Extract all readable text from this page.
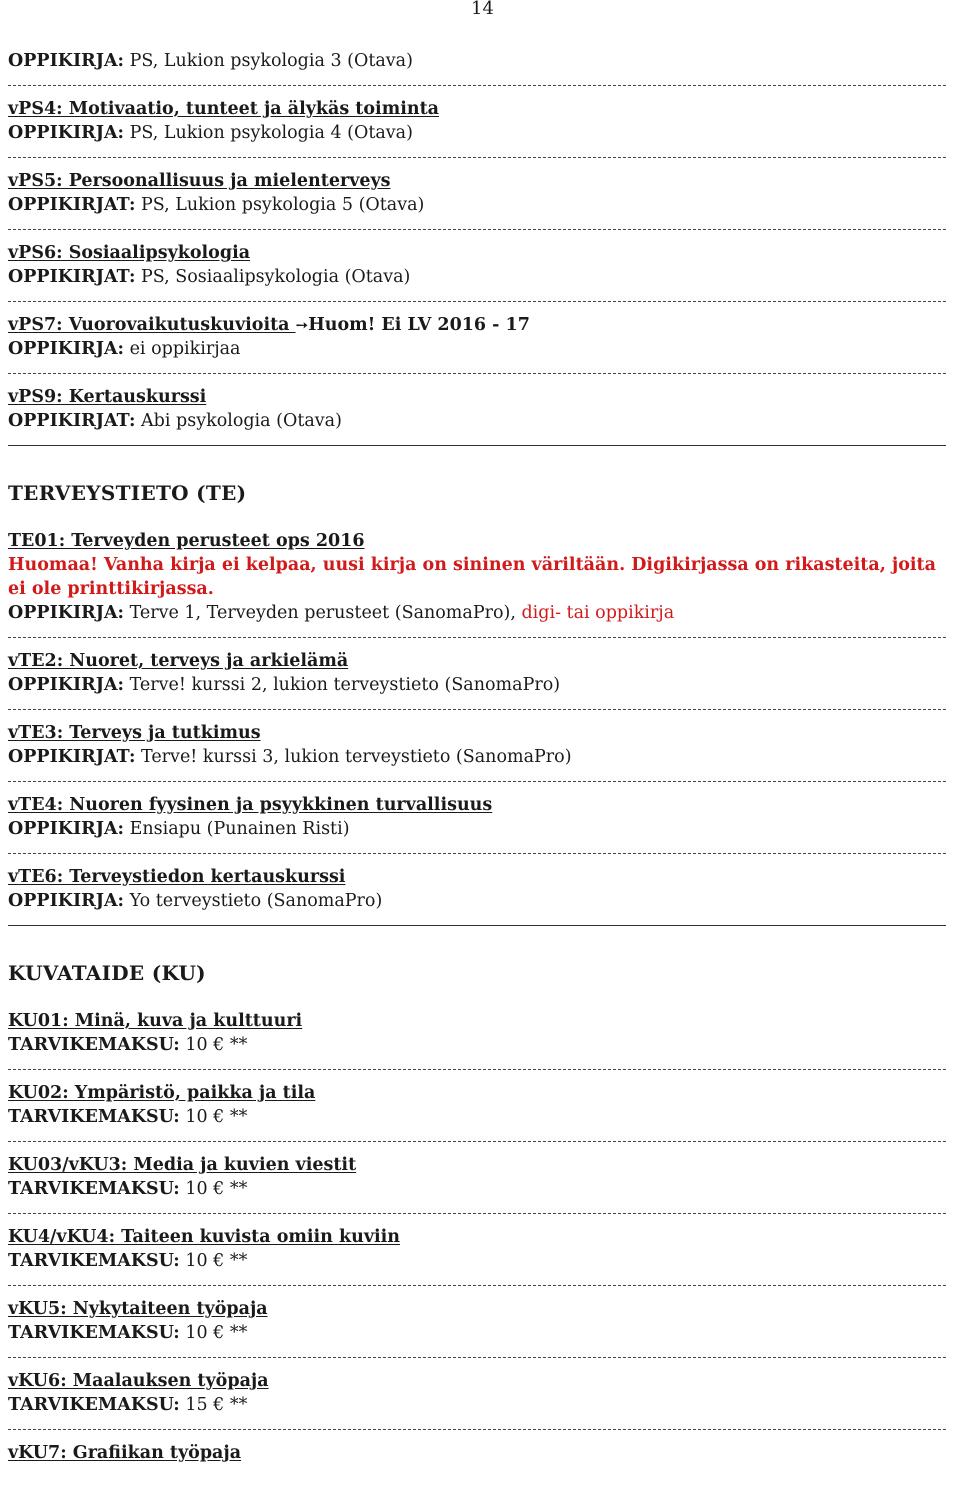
14
OPPIKIRJA: PS, Lukion psykologia 3 (Otava)
vPS4: Motivaatio, tunteet ja älykäs toiminta
OPPIKIRJA: PS, Lukion psykologia 4 (Otava)
vPS5: Persoonallisuus ja mielenterveys
OPPIKIRJAT: PS, Lukion psykologia 5 (Otava)
vPS6: Sosiaalipsykologia
OPPIKIRJAT: PS, Sosiaalipsykologia (Otava)
vPS7: Vuorovaikutuskuvioita ➙Huom! Ei LV 2016 - 17
OPPIKIRJA: ei oppikirjaa
vPS9: Kertauskurssi
OPPIKIRJAT: Abi psykologia (Otava)
TERVEYSTIETO (TE)
TE01: Terveyden perusteet ops 2016
Huomaa! Vanha kirja ei kelpaa, uusi kirja on sininen väriltään. Digikirjassa on rikasteita, joita ei ole printtikirjassa.
OPPIKIRJA: Terve 1, Terveyden perusteet (SanomaPro), digi- tai oppikirja
vTE2: Nuoret, terveys ja arkielämä
OPPIKIRJA: Terve! kurssi 2, lukion terveystieto (SanomaPro)
vTE3: Terveys ja tutkimus
OPPIKIRJAT: Terve! kurssi 3, lukion terveystieto (SanomaPro)
vTE4: Nuoren fyysinen ja psyykkinen turvallisuus
OPPIKIRJA: Ensiapu (Punainen Risti)
vTE6: Terveystiedon kertauskurssi
OPPIKIRJA: Yo terveystieto (SanomaPro)
KUVATAIDE (KU)
KU01: Minä, kuva ja kulttuuri
TARVIKEMAKSU: 10 € **
KU02: Ympäristö, paikka ja tila
TARVIKEMAKSU: 10 € **
KU03/vKU3: Media ja kuvien viestit
TARVIKEMAKSU: 10 € **
KU4/vKU4: Taiteen kuvista omiin kuviin
TARVIKEMAKSU: 10 € **
vKU5: Nykytaiteen työpaja
TARVIKEMAKSU: 10 € **
vKU6: Maalauksen työpaja
TARVIKEMAKSU: 15 € **
vKU7: Grafiikan työpaja
